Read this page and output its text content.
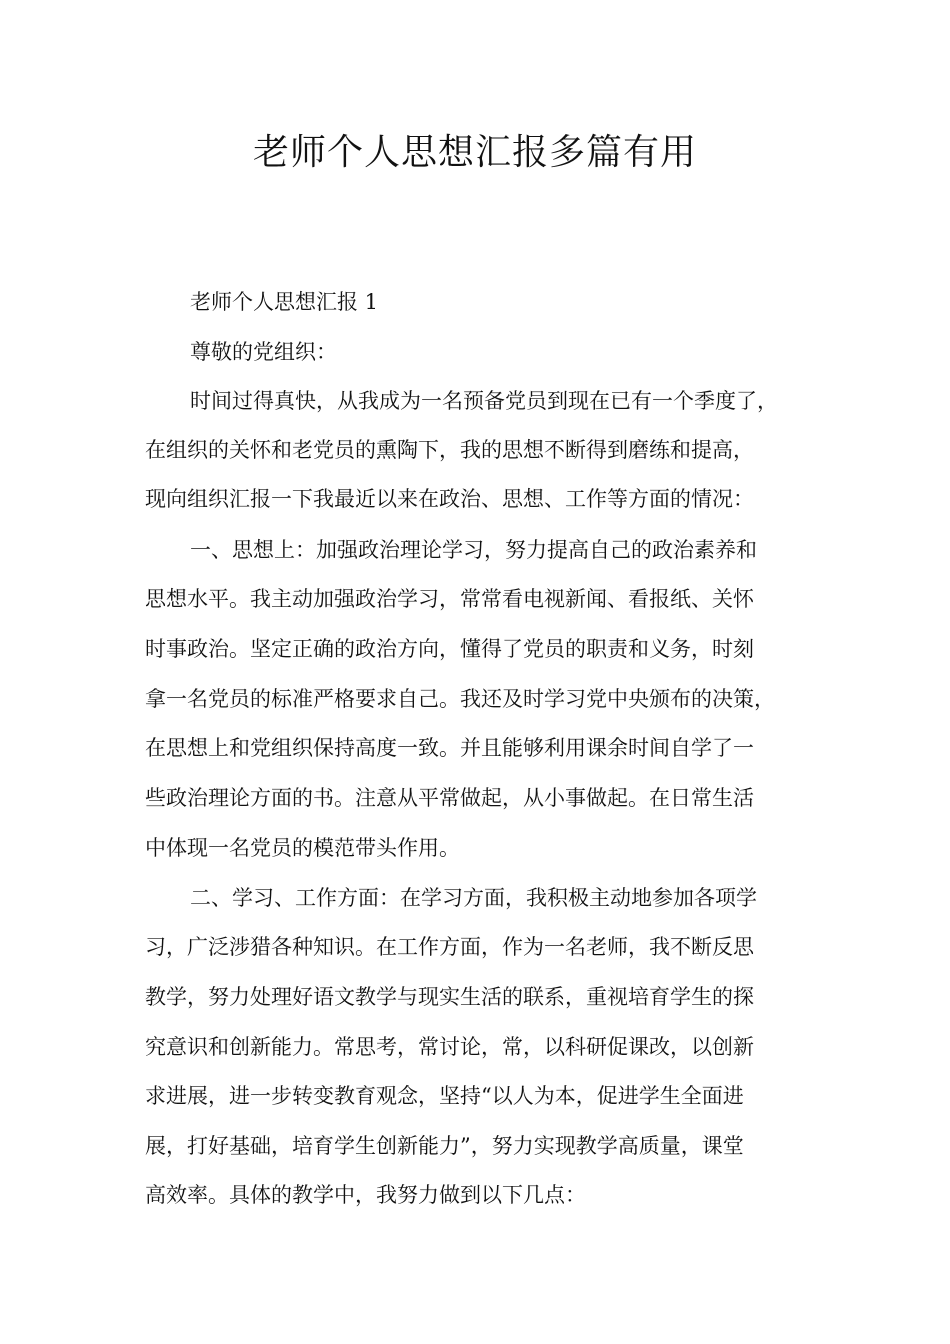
老师个人思想汇报多篇有用

老师个人思想汇报 1

尊敬的党组织：

时间过得真快，从我成为一名预备党员到现在已有一个季度了，

在组织的关怀和老党员的熏陶下，我的思想不断得到磨练和提高，

现向组织汇报一下我最近以来在政治、思想、工作等方面的情况：

一、思想上：加强政治理论学习，努力提高自己的政治素养和

思想水平。我主动加强政治学习，常常看电视新闻、看报纸、关怀

时事政治。坚定正确的政治方向，懂得了党员的职责和义务，时刻

拿一名党员的标准严格要求自己。我还及时学习党中央颁布的决策，

在思想上和党组织保持高度一致。并且能够利用课余时间自学了一

些政治理论方面的书。注意从平常做起，从小事做起。在日常生活

中体现一名党员的模范带头作用。

二、学习、工作方面：在学习方面，我积极主动地参加各项学

习，广泛涉猎各种知识。在工作方面，作为一名老师，我不断反思

教学，努力处理好语文教学与现实生活的联系，重视培育学生的探

究意识和创新能力。常思考，常讨论，常，以科研促课改，以创新

求进展，进一步转变教育观念，坚持“以人为本，促进学生全面进

展，打好基础，培育学生创新能力”，努力实现教学高质量，课堂

高效率。具体的教学中，我努力做到以下几点：
